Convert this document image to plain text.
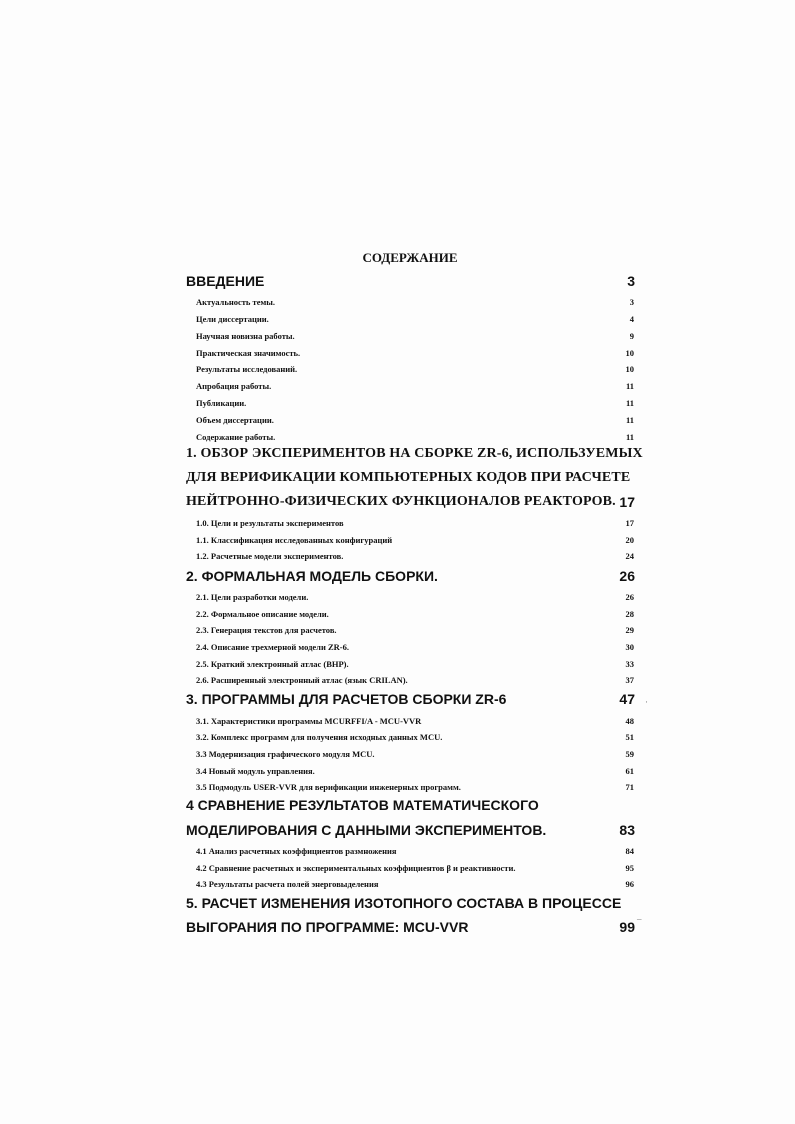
СОДЕРЖАНИЕ
ВВЕДЕНИЕ	3
Актуальность темы.	3
Цели диссертации.	4
Научная новизна работы.	9
Практическая значимость.	10
Результаты исследований.	10
Апробация работы.	11
Публикации.	11
Объем диссертации.	11
Содержание работы.	11
1. ОБЗОР ЭКСПЕРИМЕНТОВ НА СБОРКЕ ZR-6, ИСПОЛЬЗУЕМЫХ
ДЛЯ ВЕРИФИКАЦИИ КОМПЬЮТЕРНЫХ КОДОВ ПРИ РАСЧЕТЕ
НЕЙТРОННО-ФИЗИЧЕСКИХ ФУНКЦИОНАЛОВ РЕАКТОРОВ. 17
1.0. Цели и результаты экспериментов	17
1.1. Классификация исследованных конфигураций	20
1.2. Расчетные модели экспериментов.	24
2. ФОРМАЛЬНАЯ МОДЕЛЬ СБОРКИ.	26
2.1. Цели разработки модели.	26
2.2. Формальное описание модели.	28
2.3. Генерация текстов для расчетов.	29
2.4. Описание трехмерной модели ZR-6.	30
2.5. Краткий электронный атлас (ВНР).	33
2.6. Расширенный электронный атлас (язык CRILAN).	37
3. ПРОГРАММЫ ДЛЯ РАСЧЕТОВ СБОРКИ ZR-6	47
3.1. Характеристики программы MCURFFI/A - MCU-VVR	48
3.2. Комплекс программ для получения исходных данных MCU.	51
3.3 Модернизация графического модуля MCU.	59
3.4 Новый модуль управления.	61
3.5 Подмодуль USER-VVR для верификации инженерных программ.	71
4 СРАВНЕНИЕ РЕЗУЛЬТАТОВ МАТЕМАТИЧЕСКОГО
МОДЕЛИРОВАНИЯ С ДАННЫМИ ЭКСПЕРИМЕНТОВ.	83
4.1 Анализ расчетных коэффициентов размножения	84
4.2 Сравнение расчетных и экспериментальных коэффициентов β и реактивности.	95
4.3 Результаты расчета полей энерговыделения	96
5. РАСЧЕТ ИЗМЕНЕНИЯ ИЗОТОПНОГО СОСТАВА В ПРОЦЕССЕ
ВЫГОРАНИЯ ПО ПРОГРАММЕ: MCU-VVR	99
·
–
